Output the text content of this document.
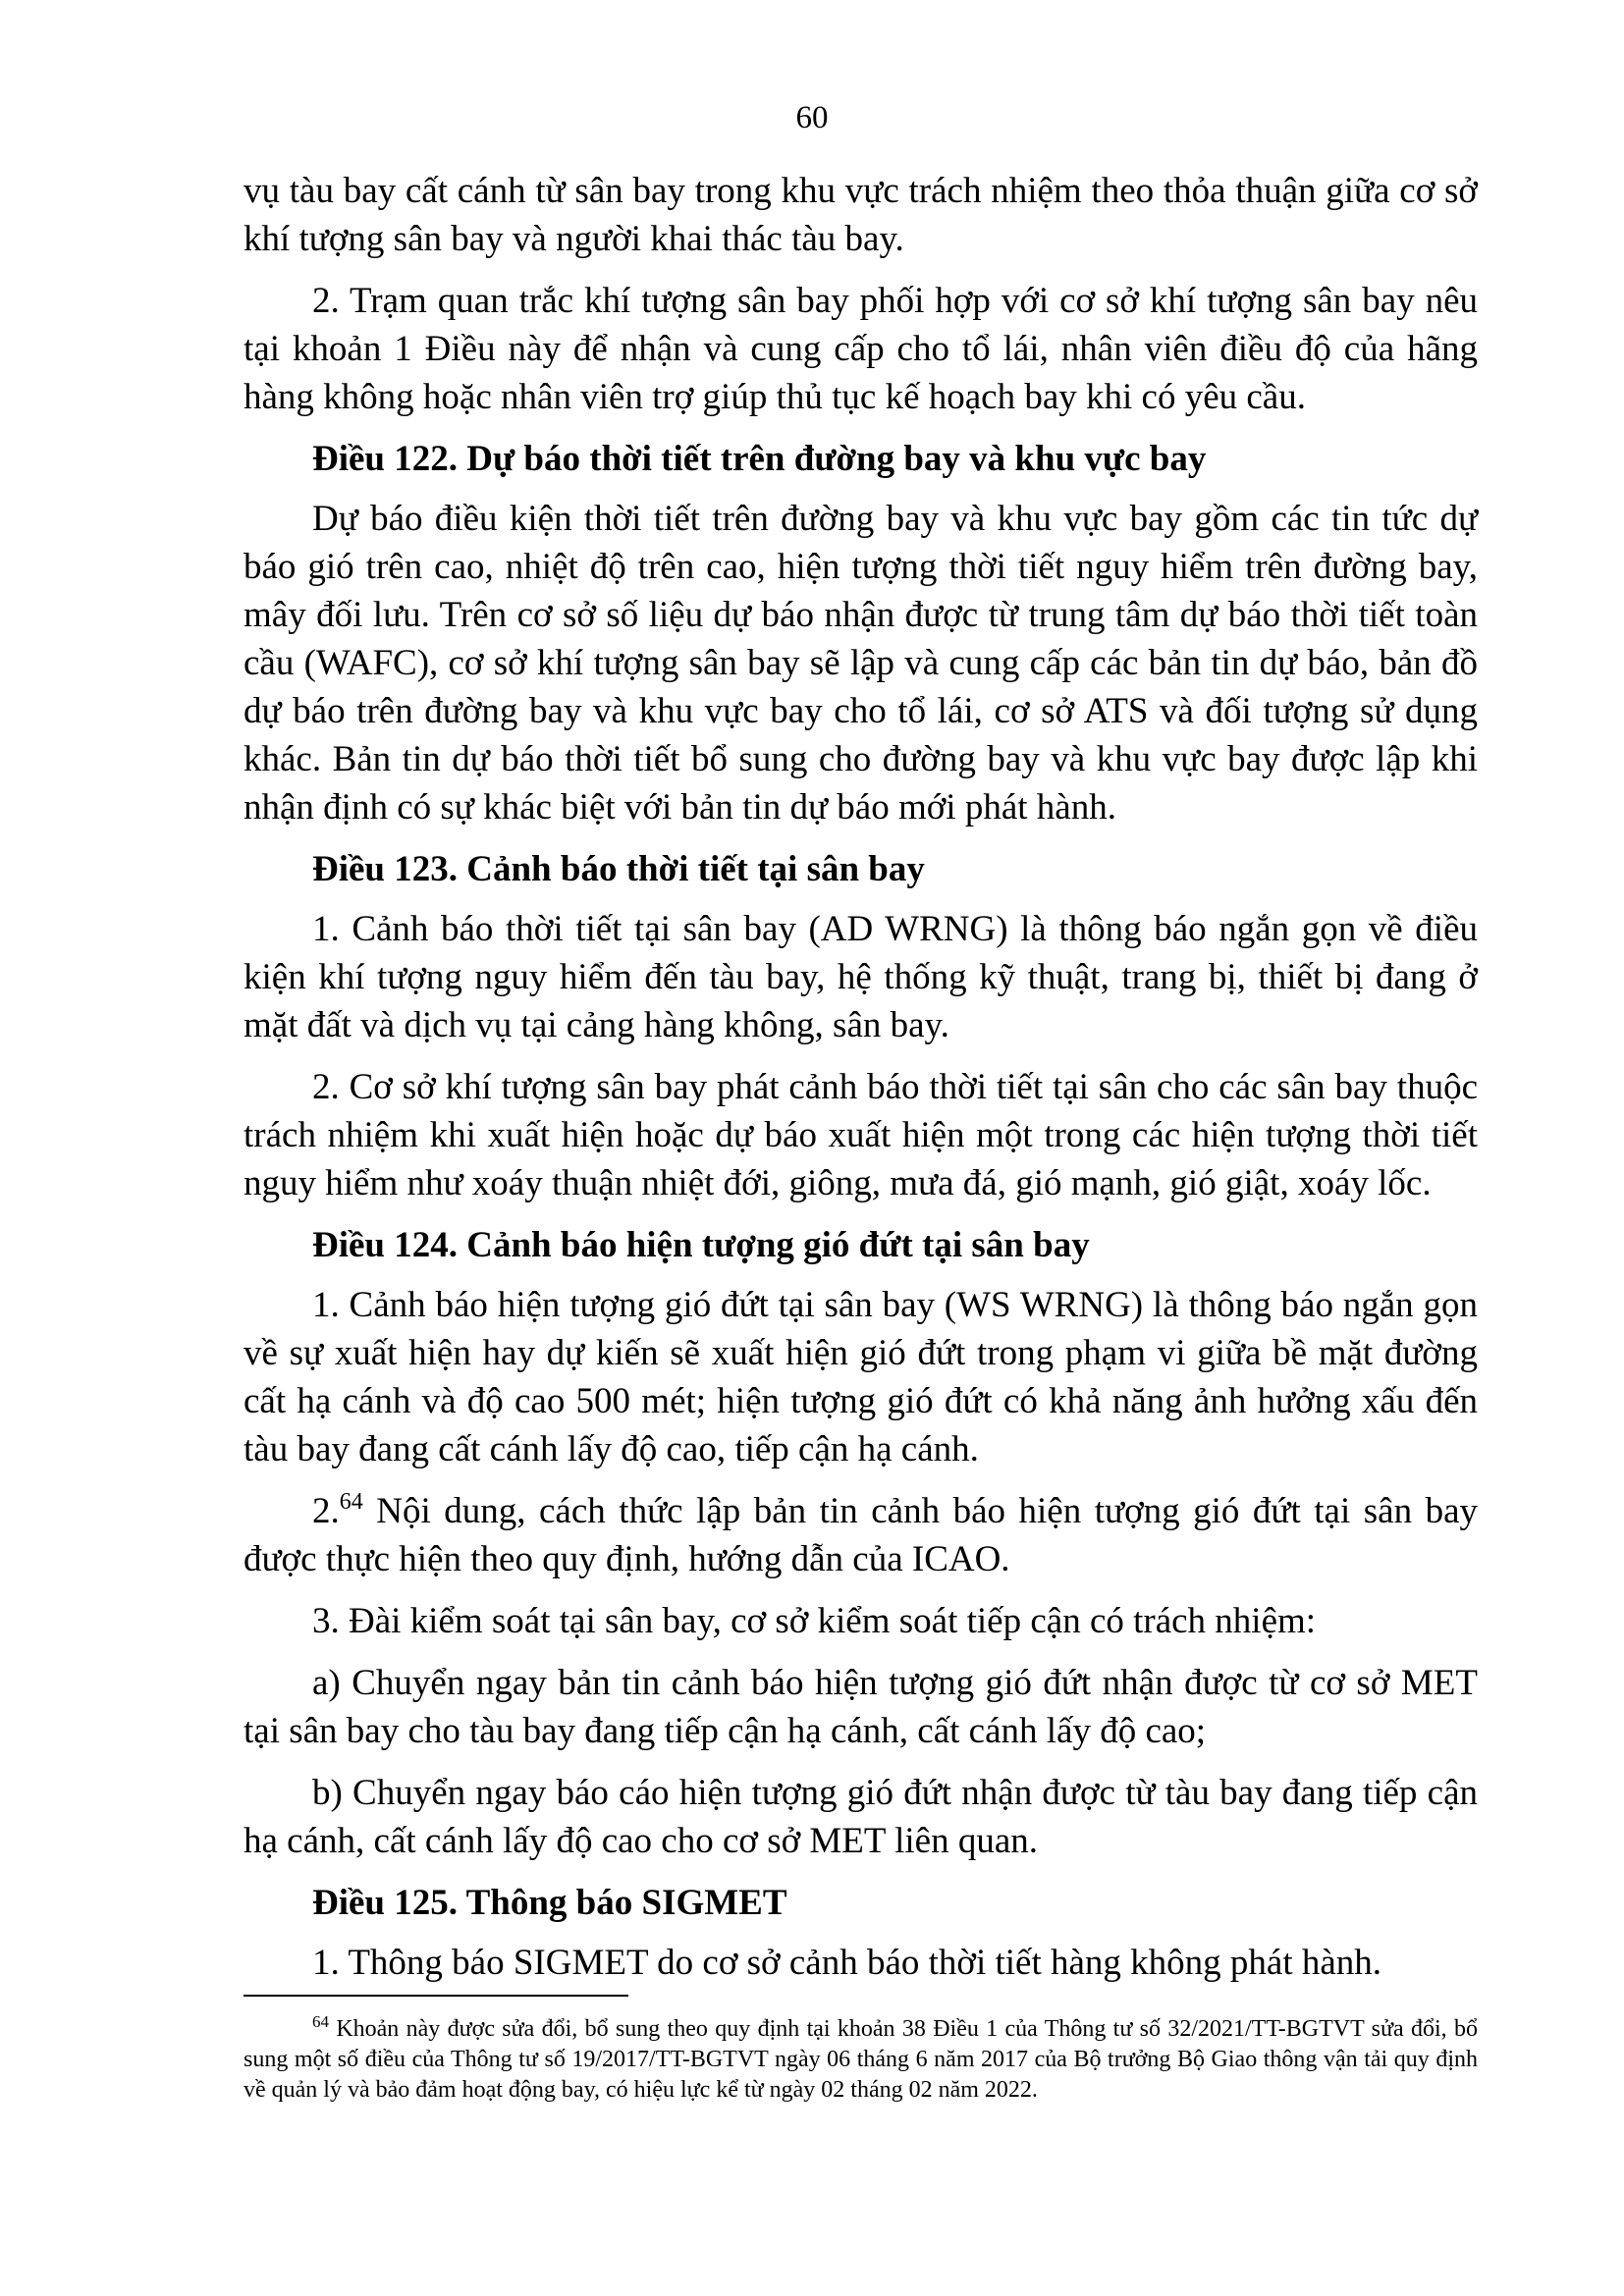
60

vụ tàu bay cất cánh từ sân bay trong khu vực trách nhiệm theo thỏa thuận giữa cơ sở khí tượng sân bay và người khai thác tàu bay.

2. Trạm quan trắc khí tượng sân bay phối hợp với cơ sở khí tượng sân bay nêu tại khoản 1 Điều này để nhận và cung cấp cho tổ lái, nhân viên điều độ của hãng hàng không hoặc nhân viên trợ giúp thủ tục kế hoạch bay khi có yêu cầu.

Điều 122. Dự báo thời tiết trên đường bay và khu vực bay

Dự báo điều kiện thời tiết trên đường bay và khu vực bay gồm các tin tức dự báo gió trên cao, nhiệt độ trên cao, hiện tượng thời tiết nguy hiểm trên đường bay, mây đối lưu. Trên cơ sở số liệu dự báo nhận được từ trung tâm dự báo thời tiết toàn cầu (WAFC), cơ sở khí tượng sân bay sẽ lập và cung cấp các bản tin dự báo, bản đồ dự báo trên đường bay và khu vực bay cho tổ lái, cơ sở ATS và đối tượng sử dụng khác. Bản tin dự báo thời tiết bổ sung cho đường bay và khu vực bay được lập khi nhận định có sự khác biệt với bản tin dự báo mới phát hành.

Điều 123. Cảnh báo thời tiết tại sân bay

1. Cảnh báo thời tiết tại sân bay (AD WRNG) là thông báo ngắn gọn về điều kiện khí tượng nguy hiểm đến tàu bay, hệ thống kỹ thuật, trang bị, thiết bị đang ở mặt đất và dịch vụ tại cảng hàng không, sân bay.

2. Cơ sở khí tượng sân bay phát cảnh báo thời tiết tại sân cho các sân bay thuộc trách nhiệm khi xuất hiện hoặc dự báo xuất hiện một trong các hiện tượng thời tiết nguy hiểm như xoáy thuận nhiệt đới, giông, mưa đá, gió mạnh, gió giật, xoáy lốc.

Điều 124. Cảnh báo hiện tượng gió đứt tại sân bay

1. Cảnh báo hiện tượng gió đứt tại sân bay (WS WRNG) là thông báo ngắn gọn về sự xuất hiện hay dự kiến sẽ xuất hiện gió đứt trong phạm vi giữa bề mặt đường cất hạ cánh và độ cao 500 mét; hiện tượng gió đứt có khả năng ảnh hưởng xấu đến tàu bay đang cất cánh lấy độ cao, tiếp cận hạ cánh.

2.64 Nội dung, cách thức lập bản tin cảnh báo hiện tượng gió đứt tại sân bay được thực hiện theo quy định, hướng dẫn của ICAO.

3. Đài kiểm soát tại sân bay, cơ sở kiểm soát tiếp cận có trách nhiệm:

a) Chuyển ngay bản tin cảnh báo hiện tượng gió đứt nhận được từ cơ sở MET tại sân bay cho tàu bay đang tiếp cận hạ cánh, cất cánh lấy độ cao;

b) Chuyển ngay báo cáo hiện tượng gió đứt nhận được từ tàu bay đang tiếp cận hạ cánh, cất cánh lấy độ cao cho cơ sở MET liên quan.

Điều 125. Thông báo SIGMET

1. Thông báo SIGMET do cơ sở cảnh báo thời tiết hàng không phát hành.

$^{64}$ Khoản này được sửa đổi, bổ sung theo quy định tại khoản 38 Điều 1 của Thông tư số 32/2021/TT-BGTVT sửa đổi, bổ sung một số điều của Thông tư số 19/2017/TT-BGTVT ngày 06 tháng 6 năm 2017 của Bộ trưởng Bộ Giao thông vận tải quy định về quản lý và bảo đảm hoạt động bay, có hiệu lực kể từ ngày 02 tháng 02 năm 2022.
